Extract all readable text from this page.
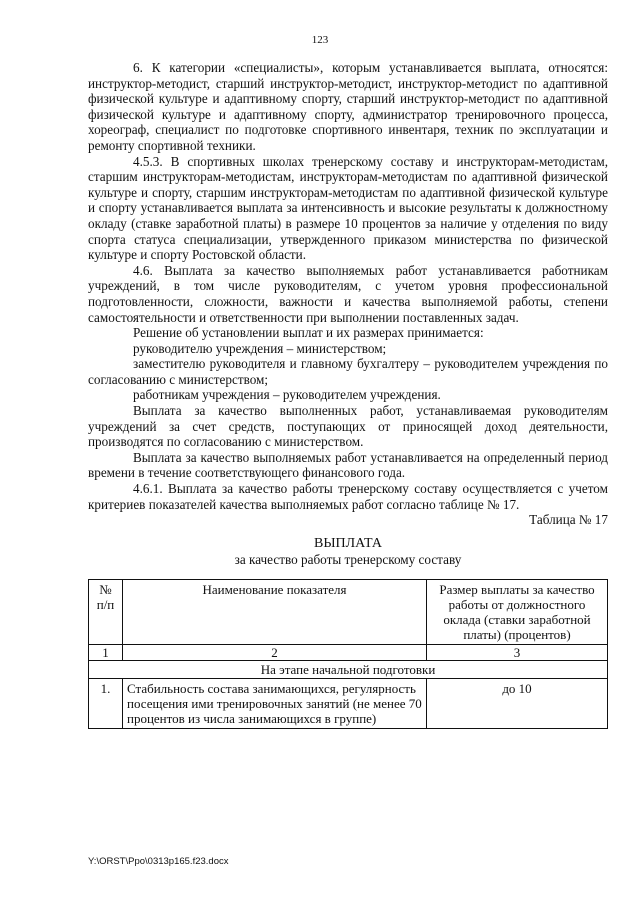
123

6. К категории «специалисты», которым устанавливается выплата, относятся: инструктор-методист, старший инструктор-методист, инструктор-методист по адаптивной физической культуре и адаптивному спорту, старший инструктор-методист по адаптивной физической культуре и адаптивному спорту, администратор тренировочного процесса, хореограф, специалист по подготовке спортивного инвентаря, техник по эксплуатации и ремонту спортивной техники.

4.5.3. В спортивных школах тренерскому составу и инструкторам-методистам, старшим инструкторам-методистам, инструкторам-методистам по адаптивной физической культуре и спорту, старшим инструкторам-методистам по адаптивной физической культуре и спорту устанавливается выплата за интенсивность и высокие результаты к должностному окладу (ставке заработной платы) в размере 10 процентов за наличие у отделения по виду спорта статуса специализации, утвержденного приказом министерства по физической культуре и спорту Ростовской области.

4.6. Выплата за качество выполняемых работ устанавливается работникам учреждений, в том числе руководителям, с учетом уровня профессиональной подготовленности, сложности, важности и качества выполняемой работы, степени самостоятельности и ответственности при выполнении поставленных задач.

Решение об установлении выплат и их размерах принимается:

руководителю учреждения – министерством;

заместителю руководителя и главному бухгалтеру – руководителем учреждения по согласованию с министерством;

работникам учреждения – руководителем учреждения.

Выплата за качество выполненных работ, устанавливаемая руководителям учреждений за счет средств, поступающих от приносящей доход деятельности, производятся по согласованию с министерством.

Выплата за качество выполняемых работ устанавливается на определенный период времени в течение соответствующего финансового года.

4.6.1. Выплата за качество работы тренерскому составу осуществляется с учетом критериев показателей качества выполняемых работ согласно таблице № 17.

Таблица № 17

ВЫПЛАТА
за качество работы тренерскому составу
№ п/п	Наименование показателя	Размер выплаты за качество работы от должностного оклада (ставки заработной платы) (процентов)
1	2	3
На этапе начальной подготовки		
1.	Стабильность состава занимающихся, регулярность посещения ими тренировочных занятий (не менее 70 процентов из числа занимающихся в группе)	до 10
Y:\ORST\Ppo\0313p165.f23.docx
